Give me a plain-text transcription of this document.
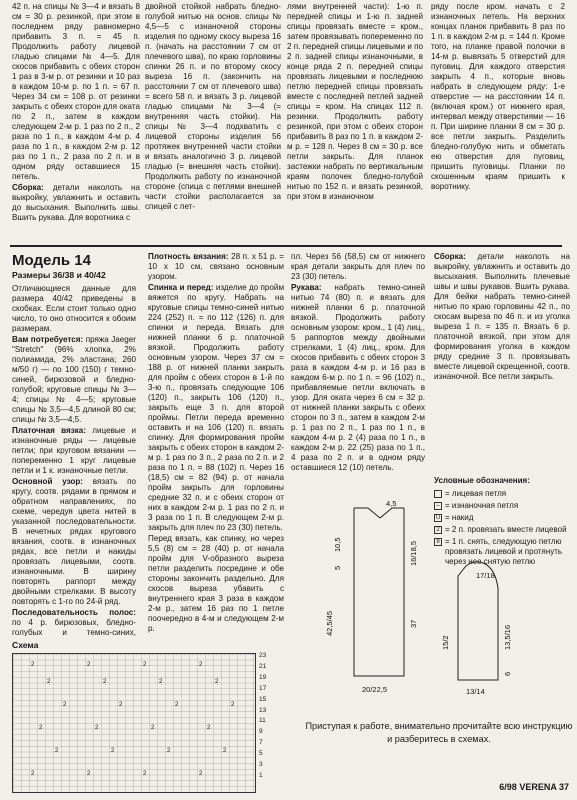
42 п. на спицы № 3—4 и вязать 8 см = 30 р. резинкой, при этом в последнем ряду равномерно прибавить 3 п. = 45 п. Продолжить работу лицевой гладью спицами № 4—5. Для скосов прибавить с обеих сторон 1 раз в 3-м р. от резинки и 10 раз в каждом 10-м р. по 1 п. = 67 п. Через 34 см = 108 р. от резинки закрыть с обеих сторон для оката по 2 п., затем в каждом следующем 2-м р. 1 раз по 2 п., 2 раза по 1 п., в каждом 4-м р. 4 раза по 1 п., в каждом 2-м р. 12 раз по 1 п., 2 раза по 2 п. и в одном ряду оставшиеся 15 петель.

Сборка: детали наколоть на выкройку, увлажнить и оставить до высыхания. Выполнить швы. Вшить рукава. Для воротника с

двойной стойкой набрать бледно-голубой нитью на основ. спицы № 4,5—5 с изнаночной стороны изделия по одному скосу выреза 16 п. (начать на расстоянии 7 см от плечевого шва), по краю горловины спинки 26 п. и по второму скосу выреза 16 п. (закончить на расстоянии 7 см от плечевого шва) = всего 58 п. и вязать 3 р. лицевой гладью спицами № 3—4 (= внутренняя часть стойки). На спицы № 3—4 подхватить с лицевой стороны изделия 56 протяжек внутренней части стойки и вязать аналогично 3 р. лицевой гладью (= внешняя часть стойки). Продолжить работу по изнаночной стороне (спица с петлями внешней части стойки располагается за спицей с пет-

лями внутренней части): 1-ю п. передней спицы и 1-ю п. задней спицы провязать вместе = кром., затем провязывать попеременно по 2 п. передней спицы лицевыми и по 2 п. задней спицы изнаночными, в конце ряда 2 п. передней спицы провязать лицевыми и последнюю петлю передней спицы провязать вместе с последней петлей задней спицы = кром. На спицах 112 п. резинки. Продолжить работу резинкой, при этом с обеих сторон прибавить 8 раз по 1 п. в каждом 2-м р. = 128 п. Через 8 см = 30 р. все петли закрыть. Для планок застежки набрать по вертикальным краям полочек бледно-голубой нитью по 152 п. и вязать резинкой, при этом в изнаночном

ряду после кром. начать с 2 изнаночных петель. На верхних концах планок прибавить 8 раз по 1 п. в каждом 2-м р. = 144 п. Кроме того, на планке правой полочки в 14-м р. вывязать 5 отверстий для пуговиц. Для каждого отверстия закрыть 4 п., которые вновь набрать в следующем ряду: 1-е отверстие — на расстоянии 14 п. (включая кром.) от нижнего края, интервал между отверстиями — 16 п. При ширине планки 8 см = 30 р. все петли закрыть. Разделить бледно-голубую нить и обметать ею отверстия для пуговиц, пришить пуговицы. Планки по скошенным краям пришить к воротнику.

Модель 14
Размеры 36/38 и 40/42

Отличающиеся данные для размера 40/42 приведены в скобках. Если стоит только одно число, то оно относится к обоим размерам.

Вам потребуется: пряжа Jaeger "Stretch" (96% хлопка, 2% полиамида, 2% эластана; 260 м/50 г) — по 100 (150) г темно-синей, бирюзовой и бледно-голубой; круговые спицы № 3—4; спицы № 4—5; круговые спицы № 3,5—4,5 длиной 80 см; спицы № 3,5—4,5.

Платочная вязка: лицевые и изнаночные ряды — лицевые петли; при круговом вязании — попеременно 1 круг лицевые петли и 1 к. изнаночные петли.

Основной узор: вязать по кругу, соотв. рядами в прямом и обратном направлениях, по схеме, чередуя цвета нитей в указанной последовательности. В нечетных рядах кругового вязания, соотв. в изнаночных рядах, все петли и накиды провязать лицевыми, соотв. изнаночными. В ширину повторять раппорт между двойными стрелками. В высоту повторять с 1-го по 24-й ряд.

Последовательность полос: по 4 р. бирюзовых, бледно-голубых и темно-синих,

Плотность вязания: 28 п. х 51 р. = 10 х 10 см, связано основным узором.

Спинка и перед: изделие до пройм вяжется по кругу. Набрать на круговые спицы темно-синей нитью 224 (252) п. = по 112 (126) п. для спинки и переда. Вязать для нижней планки 6 р. платочной вязкой. Продолжить работу основным узором. Через 37 см = 188 р. от нижней планки закрыть для пройм с обеих сторон в 1-й по 3-ю п., провязать следующие 106 (120) п., закрыть 106 (120) п., закрыть еще 3 п. для второй проймы. Петли переда временно оставить и на 106 (120) п. вязать спинку. Для формирования пройм закрыть с обеих сторон в каждом 2-м р. 1 раз по 3 п., 2 раза по 2 п. и 2 раза по 1 п. = 88 (102) п. Через 16 (18,5) см = 82 (94) р. от начала пройм закрыть для горловины средние 32 п. и с обеих сторон от них в каждом 2-м р. 1 раз по 2 п. и 3 раза по 1 п. В следующем 2-м р. закрыть для плеч по 23 (30) петель.

Перед вязать, как спинку, но через 5,5 (8) см = 28 (40) р. от начала пройм для V-образного выреза петли разделить посредине и обе стороны закончить раздельно. Для скосов выреза убавить с внутреннего края 3 раза в каждом 2-м р., затем 16 раз по 1 петле поочередно в 4-м и следующем 2-м р.

пл. Через 56 (58,5) см от нижнего края детали закрыть для плеч по 23 (30) петель.

Рукава: набрать темно-синей нитью 74 (80) п. и вязать для нижней планки 6 р. платочной вязкой. Продолжить работу основным узором: кром., 1 (4) лиц., 5 раппортов между двойными стрелками, 1 (4) лиц., кром. Для скосов прибавить с обеих сторон 3 раза в каждом 4-м р. и 16 раз в каждом 6-м р. по 1 п. = 96 (102) п., прибавляемые петли включать в узор. Для оката через 6 см = 32 р. от нижней планки закрыть с обеих сторон по 3 п., затем в каждом 2-м р. 1 раз по 2 п., 1 раз по 1 п., в каждом 4-м р. 2 (4) раза по 1 п., в каждом 2-м р. 22 (25) раза по 1 п., 4 раза по 2 п. и в одном ряду оставшиеся 12 (10) петель.

Сборка: детали наколоть на выкройку, увлажнить и оставить до высыхания. Выполнить плечевые швы и швы рукавов. Вшить рукава. Для бейки набрать темно-синей нитью по краю горловины 42 п., по скосам выреза по 46 п. и из уголка выреза 1 п. = 135 п. Вязать 6 р. платочной вязкой, при этом для формирования уголка в каждом ряду средние 3 п. провязывать вместе лицевой скрещенной, соотв. изнаночной. Все петли закрыть.

Условные обозначения:
= лицевая петля
– = изнаночная петля
U = накид
2 = 2 п. провязать вместе лицевой
8 = 1 п. снять, следующую петлю провязать лицевой и протянуть через нее снятую петлю
Схема
2	2	2	2
2	2	2	2
2	2	2	2
2	2	2	2
2	2	2	2
2	2	2	2
23
21
19
17
15
13
11
9
7
5
3
1
4,5
10,5
5
42,5/45
16/18,5
37
20/22,5
17/18
15/2	13,5/16
6
13/14
Приступая к работе, внимательно прочитайте всю инструкцию и разберитесь в схемах.
6/98 VERENA 37
